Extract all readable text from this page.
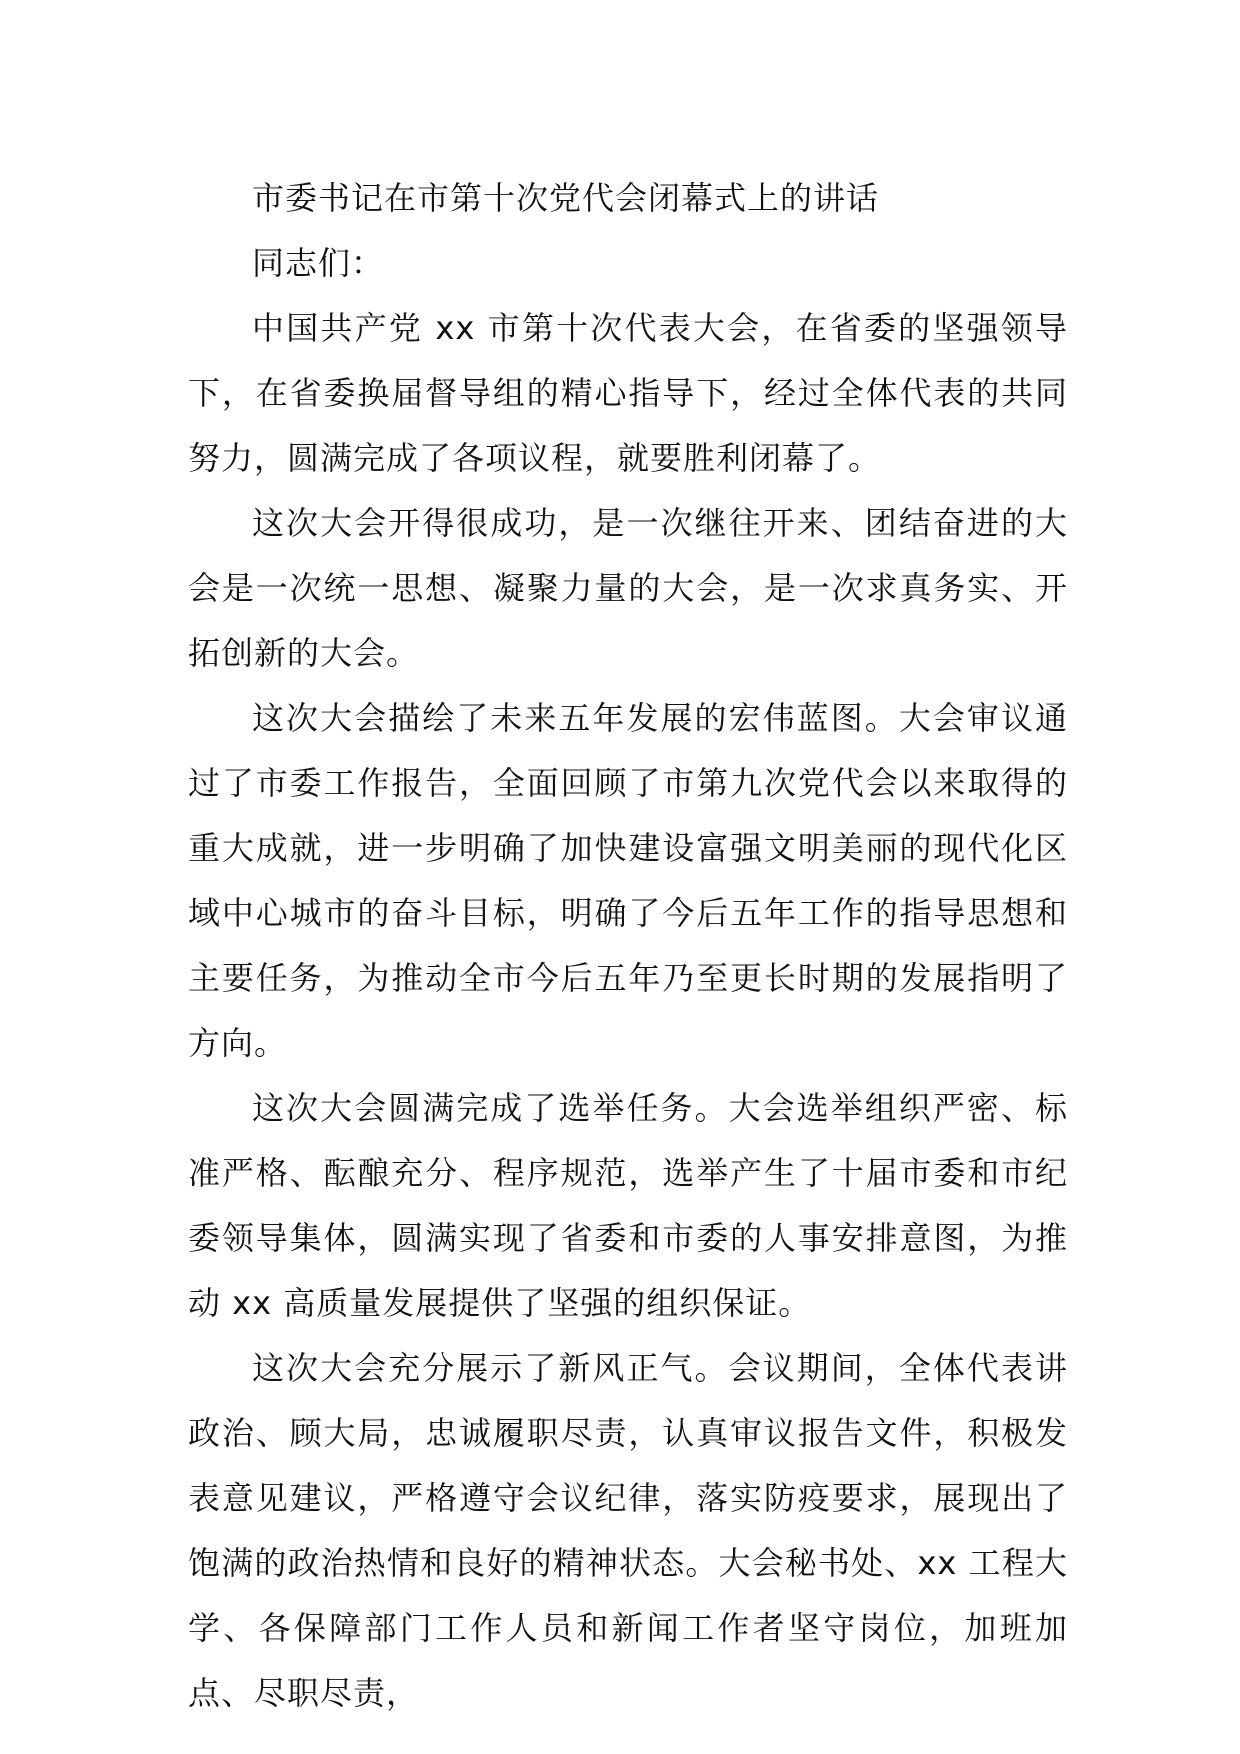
市委书记在市第十次党代会闭幕式上的讲话

同志们：

中国共产党 xx 市第十次代表大会，在省委的坚强领导下，在省委换届督导组的精心指导下，经过全体代表的共同努力，圆满完成了各项议程，就要胜利闭幕了。

这次大会开得很成功，是一次继往开来、团结奋进的大会是一次统一思想、凝聚力量的大会，是一次求真务实、开拓创新的大会。

这次大会描绘了未来五年发展的宏伟蓝图。大会审议通过了市委工作报告，全面回顾了市第九次党代会以来取得的重大成就，进一步明确了加快建设富强文明美丽的现代化区域中心城市的奋斗目标，明确了今后五年工作的指导思想和主要任务，为推动全市今后五年乃至更长时期的发展指明了方向。

这次大会圆满完成了选举任务。大会选举组织严密、标准严格、酝酿充分、程序规范，选举产生了十届市委和市纪委领导集体，圆满实现了省委和市委的人事安排意图，为推动 xx 高质量发展提供了坚强的组织保证。

这次大会充分展示了新风正气。会议期间，全体代表讲政治、顾大局，忠诚履职尽责，认真审议报告文件，积极发表意见建议，严格遵守会议纪律，落实防疫要求，展现出了饱满的政治热情和良好的精神状态。大会秘书处、xx 工程大学、各保障部门工作人员和新闻工作者坚守岗位，加班加点、尽职尽责，
